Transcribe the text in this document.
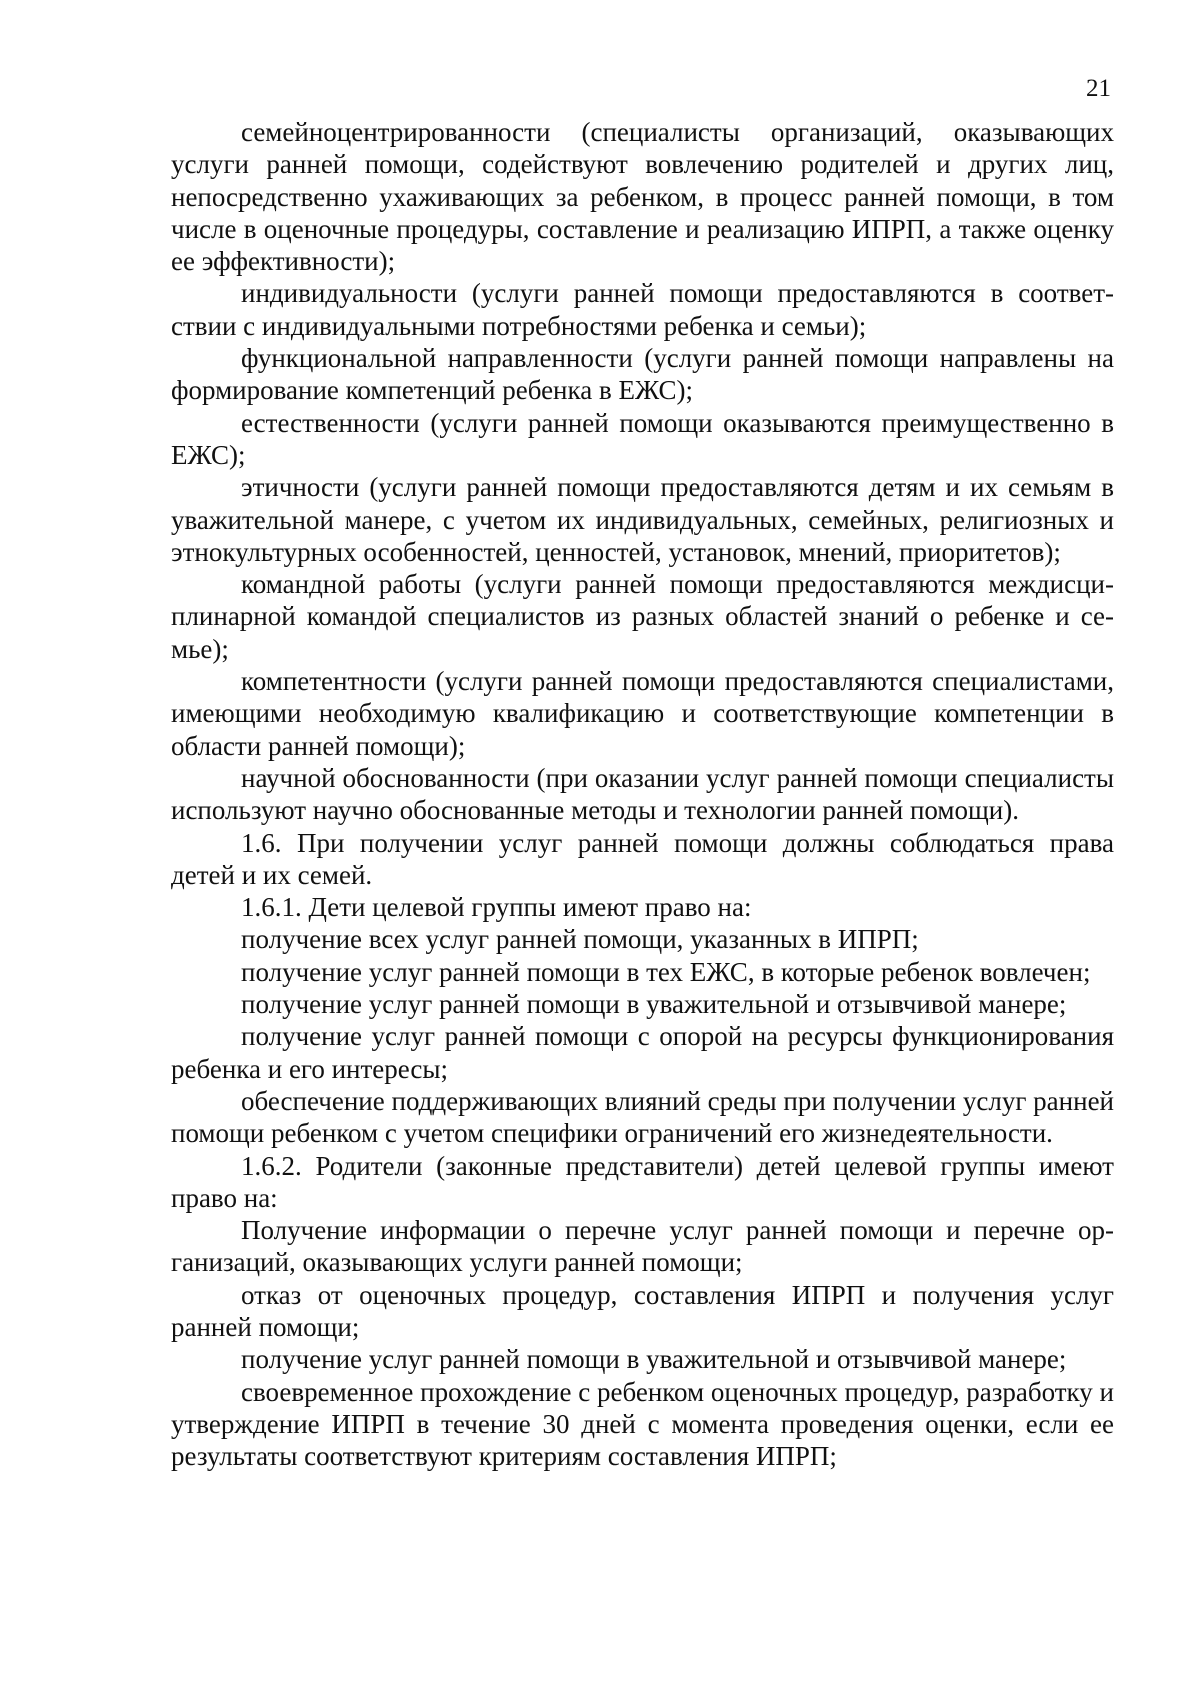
21

семейноцентрированности (специалисты организаций, оказывающих услуги ранней помощи, содействуют вовлечению родителей и других лиц, непосредственно ухаживающих за ребенком, в процесс ранней помощи, в том числе в оценочные процедуры, составление и реализацию ИПРП, а также оценку ее эффективности);

индивидуальности (услуги ранней помощи предоставляются в соответствии с индивидуальными потребностями ребенка и семьи);

функциональной направленности (услуги ранней помощи направлены на формирование компетенций ребенка в ЕЖС);

естественности (услуги ранней помощи оказываются преимущественно в ЕЖС);

этичности (услуги ранней помощи предоставляются детям и их семьям в уважительной манере, с учетом их индивидуальных, семейных, религиозных и этнокультурных особенностей, ценностей, установок, мнений, приоритетов);

командной работы (услуги ранней помощи предоставляются междисциплинарной командой специалистов из разных областей знаний о ребенке и семье);

компетентности (услуги ранней помощи предоставляются специалистами, имеющими необходимую квалификацию и соответствующие компетенции в области ранней помощи);

научной обоснованности (при оказании услуг ранней помощи специалисты используют научно обоснованные методы и технологии ранней помощи).

1.6. При получении услуг ранней помощи должны соблюдаться права детей и их семей.

1.6.1. Дети целевой группы имеют право на:

получение всех услуг ранней помощи, указанных в ИПРП;

получение услуг ранней помощи в тех ЕЖС, в которые ребенок вовлечен;

получение услуг ранней помощи в уважительной и отзывчивой манере;

получение услуг ранней помощи с опорой на ресурсы функционирования ребенка и его интересы;

обеспечение поддерживающих влияний среды при получении услуг ранней помощи ребенком с учетом специфики ограничений его жизнедеятельности.

1.6.2. Родители (законные представители) детей целевой группы имеют право на:

Получение информации о перечне услуг ранней помощи и перечне организаций, оказывающих услуги ранней помощи;

отказ от оценочных процедур, составления ИПРП и получения услуг ранней помощи;

получение услуг ранней помощи в уважительной и отзывчивой манере;

своевременное прохождение с ребенком оценочных процедур, разработку и утверждение ИПРП в течение 30 дней с момента проведения оценки, если ее результаты соответствуют критериям составления ИПРП;
